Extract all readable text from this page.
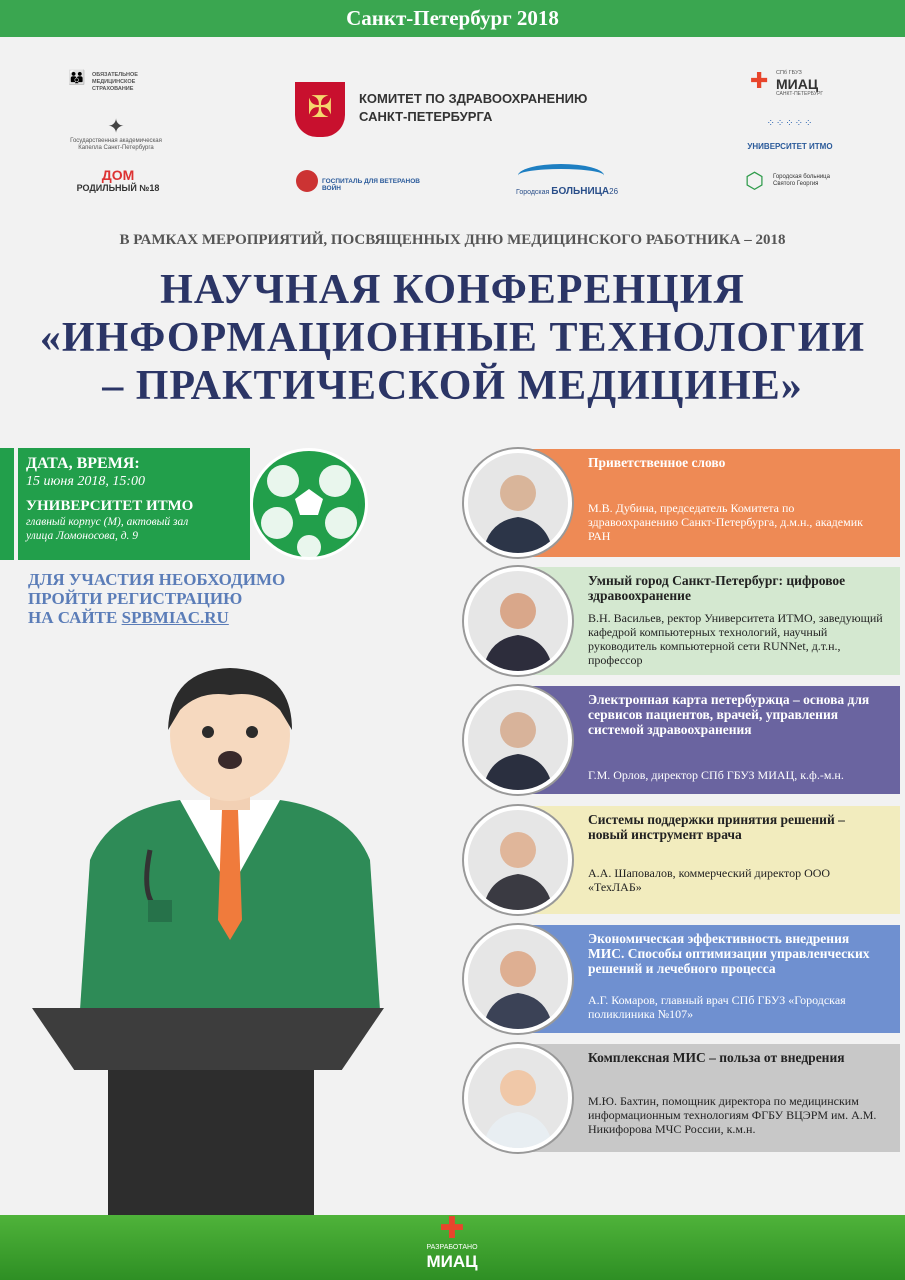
Санкт-Петербург 2018
👪	ОБЯЗАТЕЛЬНОЕ МЕДИЦИНСКОЕ СТРАХОВАНИЕ
✦
Государственная академическая Капелла Санкт-Петербурга
ДОМ
РОДИЛЬНЫЙ №18
✠	КОМИТЕТ ПО ЗДРАВООХРАНЕНИЮ
САНКТ-ПЕТЕРБУРГА
ГОСПИТАЛЬ ДЛЯ ВЕТЕРАНОВ ВОЙН
Городская БОЛЬНИЦА26
✚ СПб ГБУЗ
МИАЦ
САНКТ-ПЕТЕРБУРГ
⁘⁘⁘⁘⁘
УНИВЕРСИТЕТ ИТМО
⬡ Городская больница Святого Георгия
В РАМКАХ МЕРОПРИЯТИЙ, ПОСВЯЩЕННЫХ ДНЮ МЕДИЦИНСКОГО РАБОТНИКА – 2018
НАУЧНАЯ КОНФЕРЕНЦИЯ
«ИНФОРМАЦИОННЫЕ ТЕХНОЛОГИИ
– ПРАКТИЧЕСКОЙ МЕДИЦИНЕ»
ДАТА, ВРЕМЯ:
15 июня 2018, 15:00
УНИВЕРСИТЕТ ИТМО
главный корпус (М), актовый зал
улица Ломоносова, д. 9
ДЛЯ УЧАСТИЯ НЕОБХОДИМО
ПРОЙТИ РЕГИСТРАЦИЮ
НА САЙТЕ SPBMIAC.RU
Приветственное слово
М.В. Дубина, председатель Комитета по здравоохранению Санкт-Петербурга, д.м.н., академик РАН
Умный город Санкт-Петербург: цифровое здравоохранение
В.Н. Васильев, ректор Университета ИТМО, заведующий кафедрой компьютерных технологий, научный руководитель компьютерной сети RUNNet, д.т.н., профессор
Электронная карта петербуржца – основа для сервисов пациентов, врачей, управления системой здравоохранения
Г.М. Орлов, директор СПб ГБУЗ МИАЦ, к.ф.-м.н.
Системы поддержки принятия решений – новый инструмент врача
А.А. Шаповалов, коммерческий директор ООО «ТехЛАБ»
Экономическая эффективность внедрения МИС. Способы оптимизации управленческих решений и лечебного процесса
А.Г. Комаров, главный врач СПб ГБУЗ «Городская поликлиника №107»
Комплексная МИС – польза от внедрения
М.Ю. Бахтин, помощник директора по медицинским информационным технологиям ФГБУ ВЦЭРМ им. А.М. Никифорова МЧС России, к.м.н.
✚
РАЗРАБОТАНО
МИАЦ
